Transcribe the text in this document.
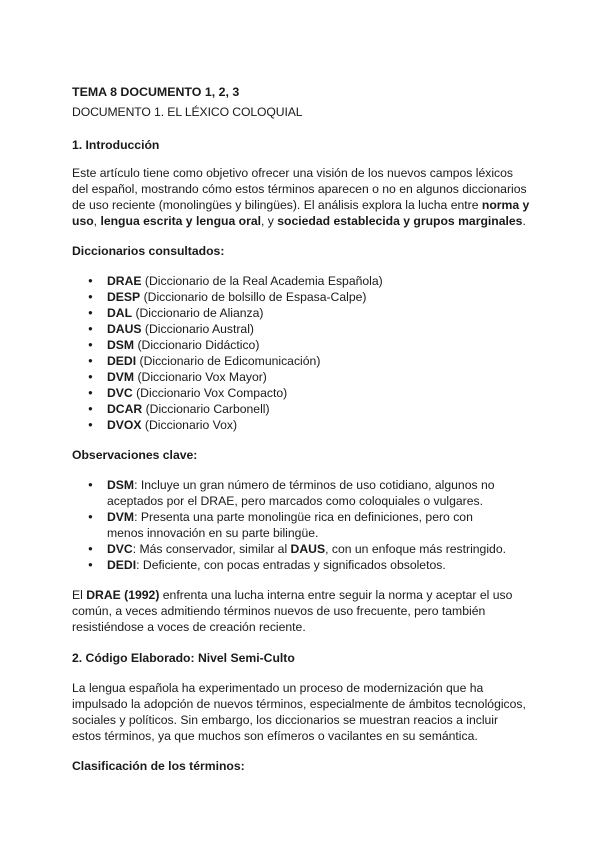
TEMA 8 DOCUMENTO 1, 2, 3

DOCUMENTO 1. EL LÉXICO COLOQUIAL

1. Introducción

Este artículo tiene como objetivo ofrecer una visión de los nuevos campos léxicos del español, mostrando cómo estos términos aparecen o no en algunos diccionarios de uso reciente (monolingües y bilingües). El análisis explora la lucha entre norma y uso, lengua escrita y lengua oral, y sociedad establecida y grupos marginales.

Diccionarios consultados:

● DRAE (Diccionario de la Real Academia Española)
● DESP (Diccionario de bolsillo de Espasa-Calpe)
● DAL (Diccionario de Alianza)
● DAUS (Diccionario Austral)
● DSM (Diccionario Didáctico)
● DEDI (Diccionario de Edicomunicación)
● DVM (Diccionario Vox Mayor)
● DVC (Diccionario Vox Compacto)
● DCAR (Diccionario Carbonell)
● DVOX (Diccionario Vox)

Observaciones clave:

● DSM: Incluye un gran número de términos de uso cotidiano, algunos no aceptados por el DRAE, pero marcados como coloquiales o vulgares.
● DVM: Presenta una parte monolingüe rica en definiciones, pero con menos innovación en su parte bilingüe.
● DVC: Más conservador, similar al DAUS, con un enfoque más restringido.
● DEDI: Deficiente, con pocas entradas y significados obsoletos.

El DRAE (1992) enfrenta una lucha interna entre seguir la norma y aceptar el uso común, a veces admitiendo términos nuevos de uso frecuente, pero también resistiéndose a voces de creación reciente.

2. Código Elaborado: Nivel Semi-Culto

La lengua española ha experimentado un proceso de modernización que ha impulsado la adopción de nuevos términos, especialmente de ámbitos tecnológicos, sociales y políticos. Sin embargo, los diccionarios se muestran reacios a incluir estos términos, ya que muchos son efímeros o vacilantes en su semántica.

Clasificación de los términos:
